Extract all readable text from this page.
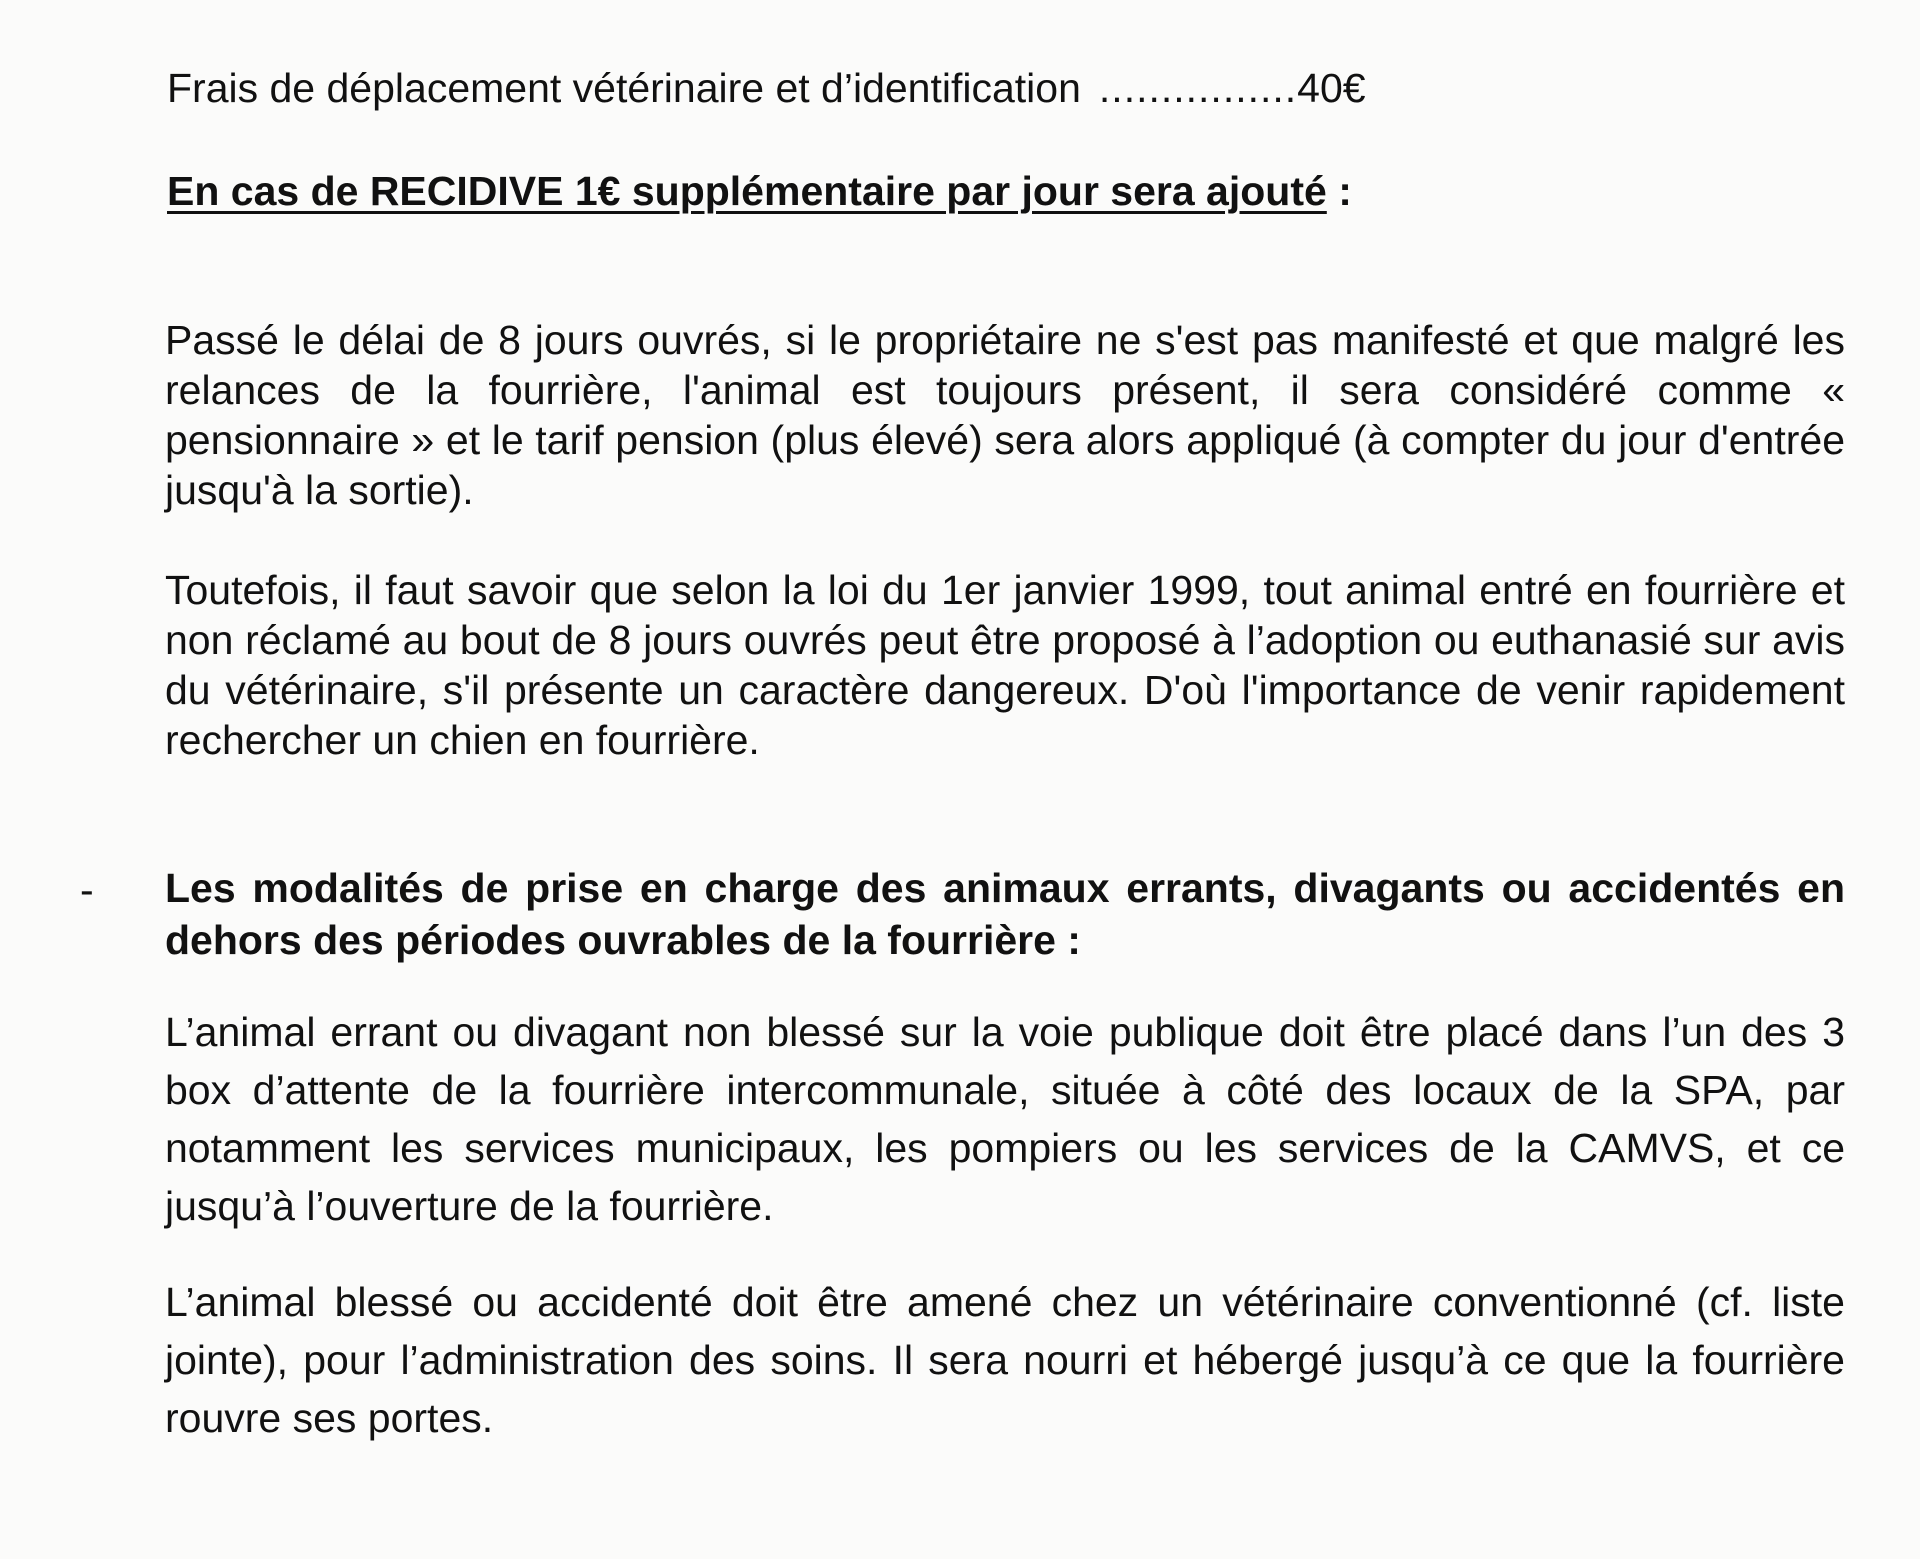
Frais de déplacement vétérinaire et d’identification ................40€
En cas de RECIDIVE 1€ supplémentaire par jour sera ajouté :
Passé le délai de 8 jours ouvrés, si le propriétaire ne s'est pas manifesté et que malgré les relances de la fourrière, l'animal est toujours présent, il sera considéré comme « pensionnaire » et le tarif pension (plus élevé) sera alors appliqué (à compter du jour d'entrée jusqu'à la sortie).
Toutefois, il faut savoir que selon la loi du 1er janvier 1999, tout animal entré en fourrière et non réclamé au bout de 8 jours ouvrés peut être proposé à l’adoption ou euthanasié sur avis du vétérinaire, s'il présente un caractère dangereux. D'où l'importance de venir rapidement rechercher un chien en fourrière.
- Les modalités de prise en charge des animaux errants, divagants ou accidentés en dehors des périodes ouvrables de la fourrière :
L’animal errant ou divagant non blessé sur la voie publique doit être placé dans l’un des 3 box d’attente de la fourrière intercommunale, située à côté des locaux de la SPA, par notamment les services municipaux, les pompiers ou les services de la CAMVS, et ce jusqu’à l’ouverture de la fourrière.
L’animal blessé ou accidenté doit être amené chez un vétérinaire conventionné (cf. liste jointe), pour l’administration des soins. Il sera nourri et hébergé jusqu’à ce que la fourrière rouvre ses portes.
